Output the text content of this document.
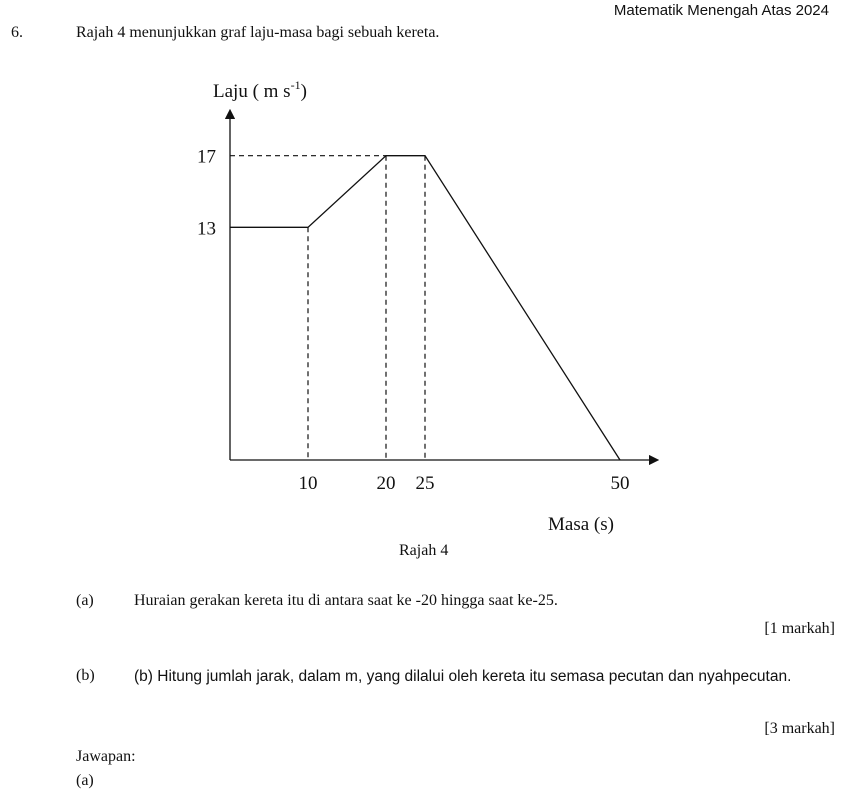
Matematik Menengah Atas 2024
6.	Rajah 4 menunjukkan graf laju-masa bagi sebuah kereta.
Laju ( m $s^{-1}$)
13
17
10	20 25	50
Masa (s)
Rajah 4
(a)	Huraian gerakan kereta itu di antara saat ke -20 hingga saat ke-25.
[1 markah]
(b)	(b) Hitung jumlah jarak, dalam m, yang dilalui oleh kereta itu semasa pecutan dan nyahpecutan.
[3 markah]
Jawapan:
(a)
